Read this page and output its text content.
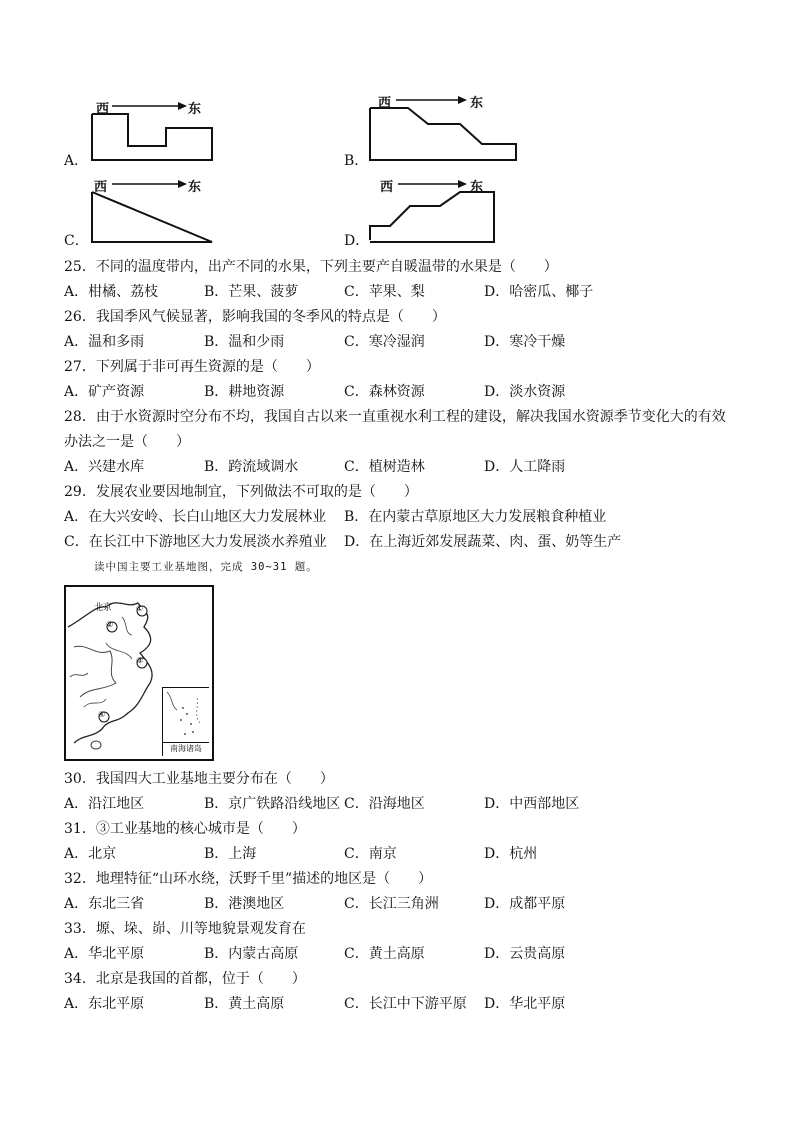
A．
西	东
B．
西	东
C．
西	东
D．
西	东
25．不同的温度带内，出产不同的水果，下列主要产自暖温带的水果是（　　）
A．柑橘、荔枝	B．芒果、菠萝	C．苹果、梨	D．哈密瓜、椰子
26．我国季风气候显著，影响我国的冬季风的特点是（　　）
A．温和多雨	B．温和少雨	C．寒冷湿润	D．寒冷干燥
27．下列属于非可再生资源的是（　　）
A．矿产资源	B．耕地资源	C．森林资源	D．淡水资源
28．由于水资源时空分布不均，我国自古以来一直重视水利工程的建设，解决我国水资源季节变化大的有效
办法之一是（　　）
A．兴建水库	B．跨流域调水	C．植树造林	D．人工降雨
29．发展农业要因地制宜，下列做法不可取的是（　　）
A．在大兴安岭、长白山地区大力发展林业 B．在内蒙古草原地区大力发展粮食种植业
C．在长江中下游地区大力发展淡水养殖业 D．在上海近郊发展蔬菜、肉、蛋、奶等生产
读中国主要工业基地图，完成 30~31 题。
①
②
③
④
北京
南海诸岛
30．我国四大工业基地主要分布在（　　）
A．沿江地区	B．京广铁路沿线地区 C．沿海地区	D．中西部地区
31．③工业基地的核心城市是（　　）
A．北京	B．上海	C．南京	D．杭州
32．地理特征“山环水绕，沃野千里”描述的地区是（　　）
A．东北三省	B．港澳地区	C．长江三角洲	D．成都平原
33．塬、垛、峁、川等地貌景观发育在
A．华北平原	B．内蒙古高原	C．黄土高原	D．云贵高原
34．北京是我国的首都，位于（　　）
A．东北平原	B．黄土高原	C．长江中下游平原 D．华北平原
